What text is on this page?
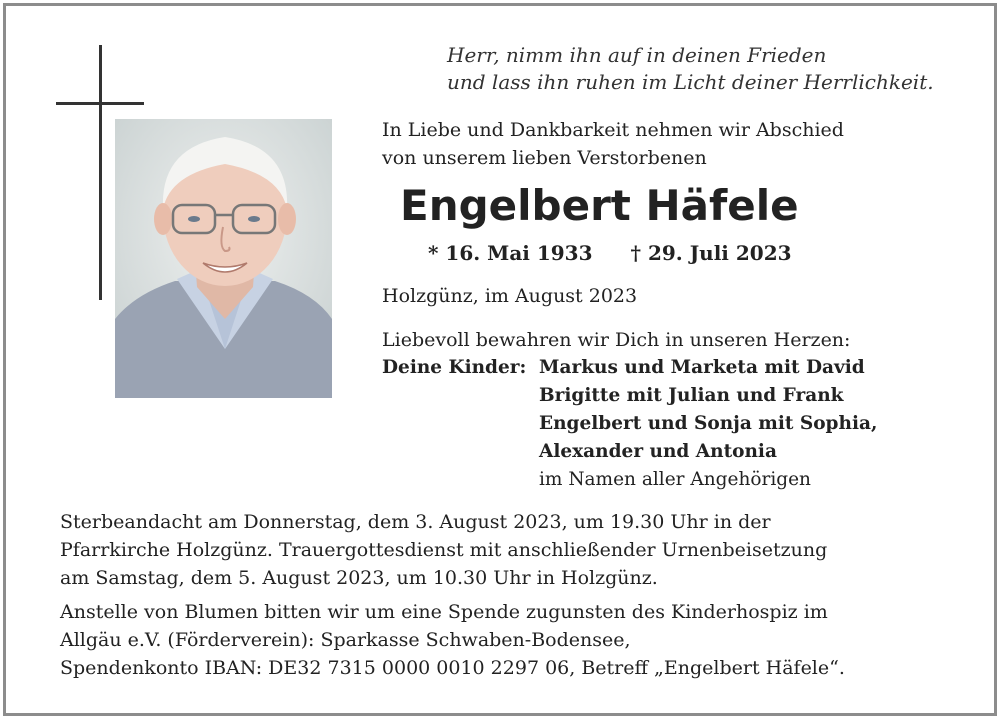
Herr, nimm ihn auf in deinen Frieden
und lass ihn ruhen im Licht deiner Herrlichkeit.
In Liebe und Dankbarkeit nehmen wir Abschied
von unserem lieben Verstorbenen
Engelbert Häfele
* 16. Mai 1933 † 29. Juli 2023
Holzgünz, im August 2023
Liebevoll bewahren wir Dich in unseren Herzen:
Deine Kinder: Markus und Marketa mit David
Brigitte mit Julian und Frank
Engelbert und Sonja mit Sophia,
Alexander und Antonia
im Namen aller Angehörigen
Sterbeandacht am Donnerstag, dem 3. August 2023, um 19.30 Uhr in der
Pfarrkirche Holzgünz. Trauergottesdienst mit anschließender Urnenbeisetzung
am Samstag, dem 5. August 2023, um 10.30 Uhr in Holzgünz.
Anstelle von Blumen bitten wir um eine Spende zugunsten des Kinderhospiz im
Allgäu e.V. (Förderverein): Sparkasse Schwaben-Bodensee,
Spendenkonto IBAN: DE32 7315 0000 0010 2297 06, Betreff „Engelbert Häfele“.
